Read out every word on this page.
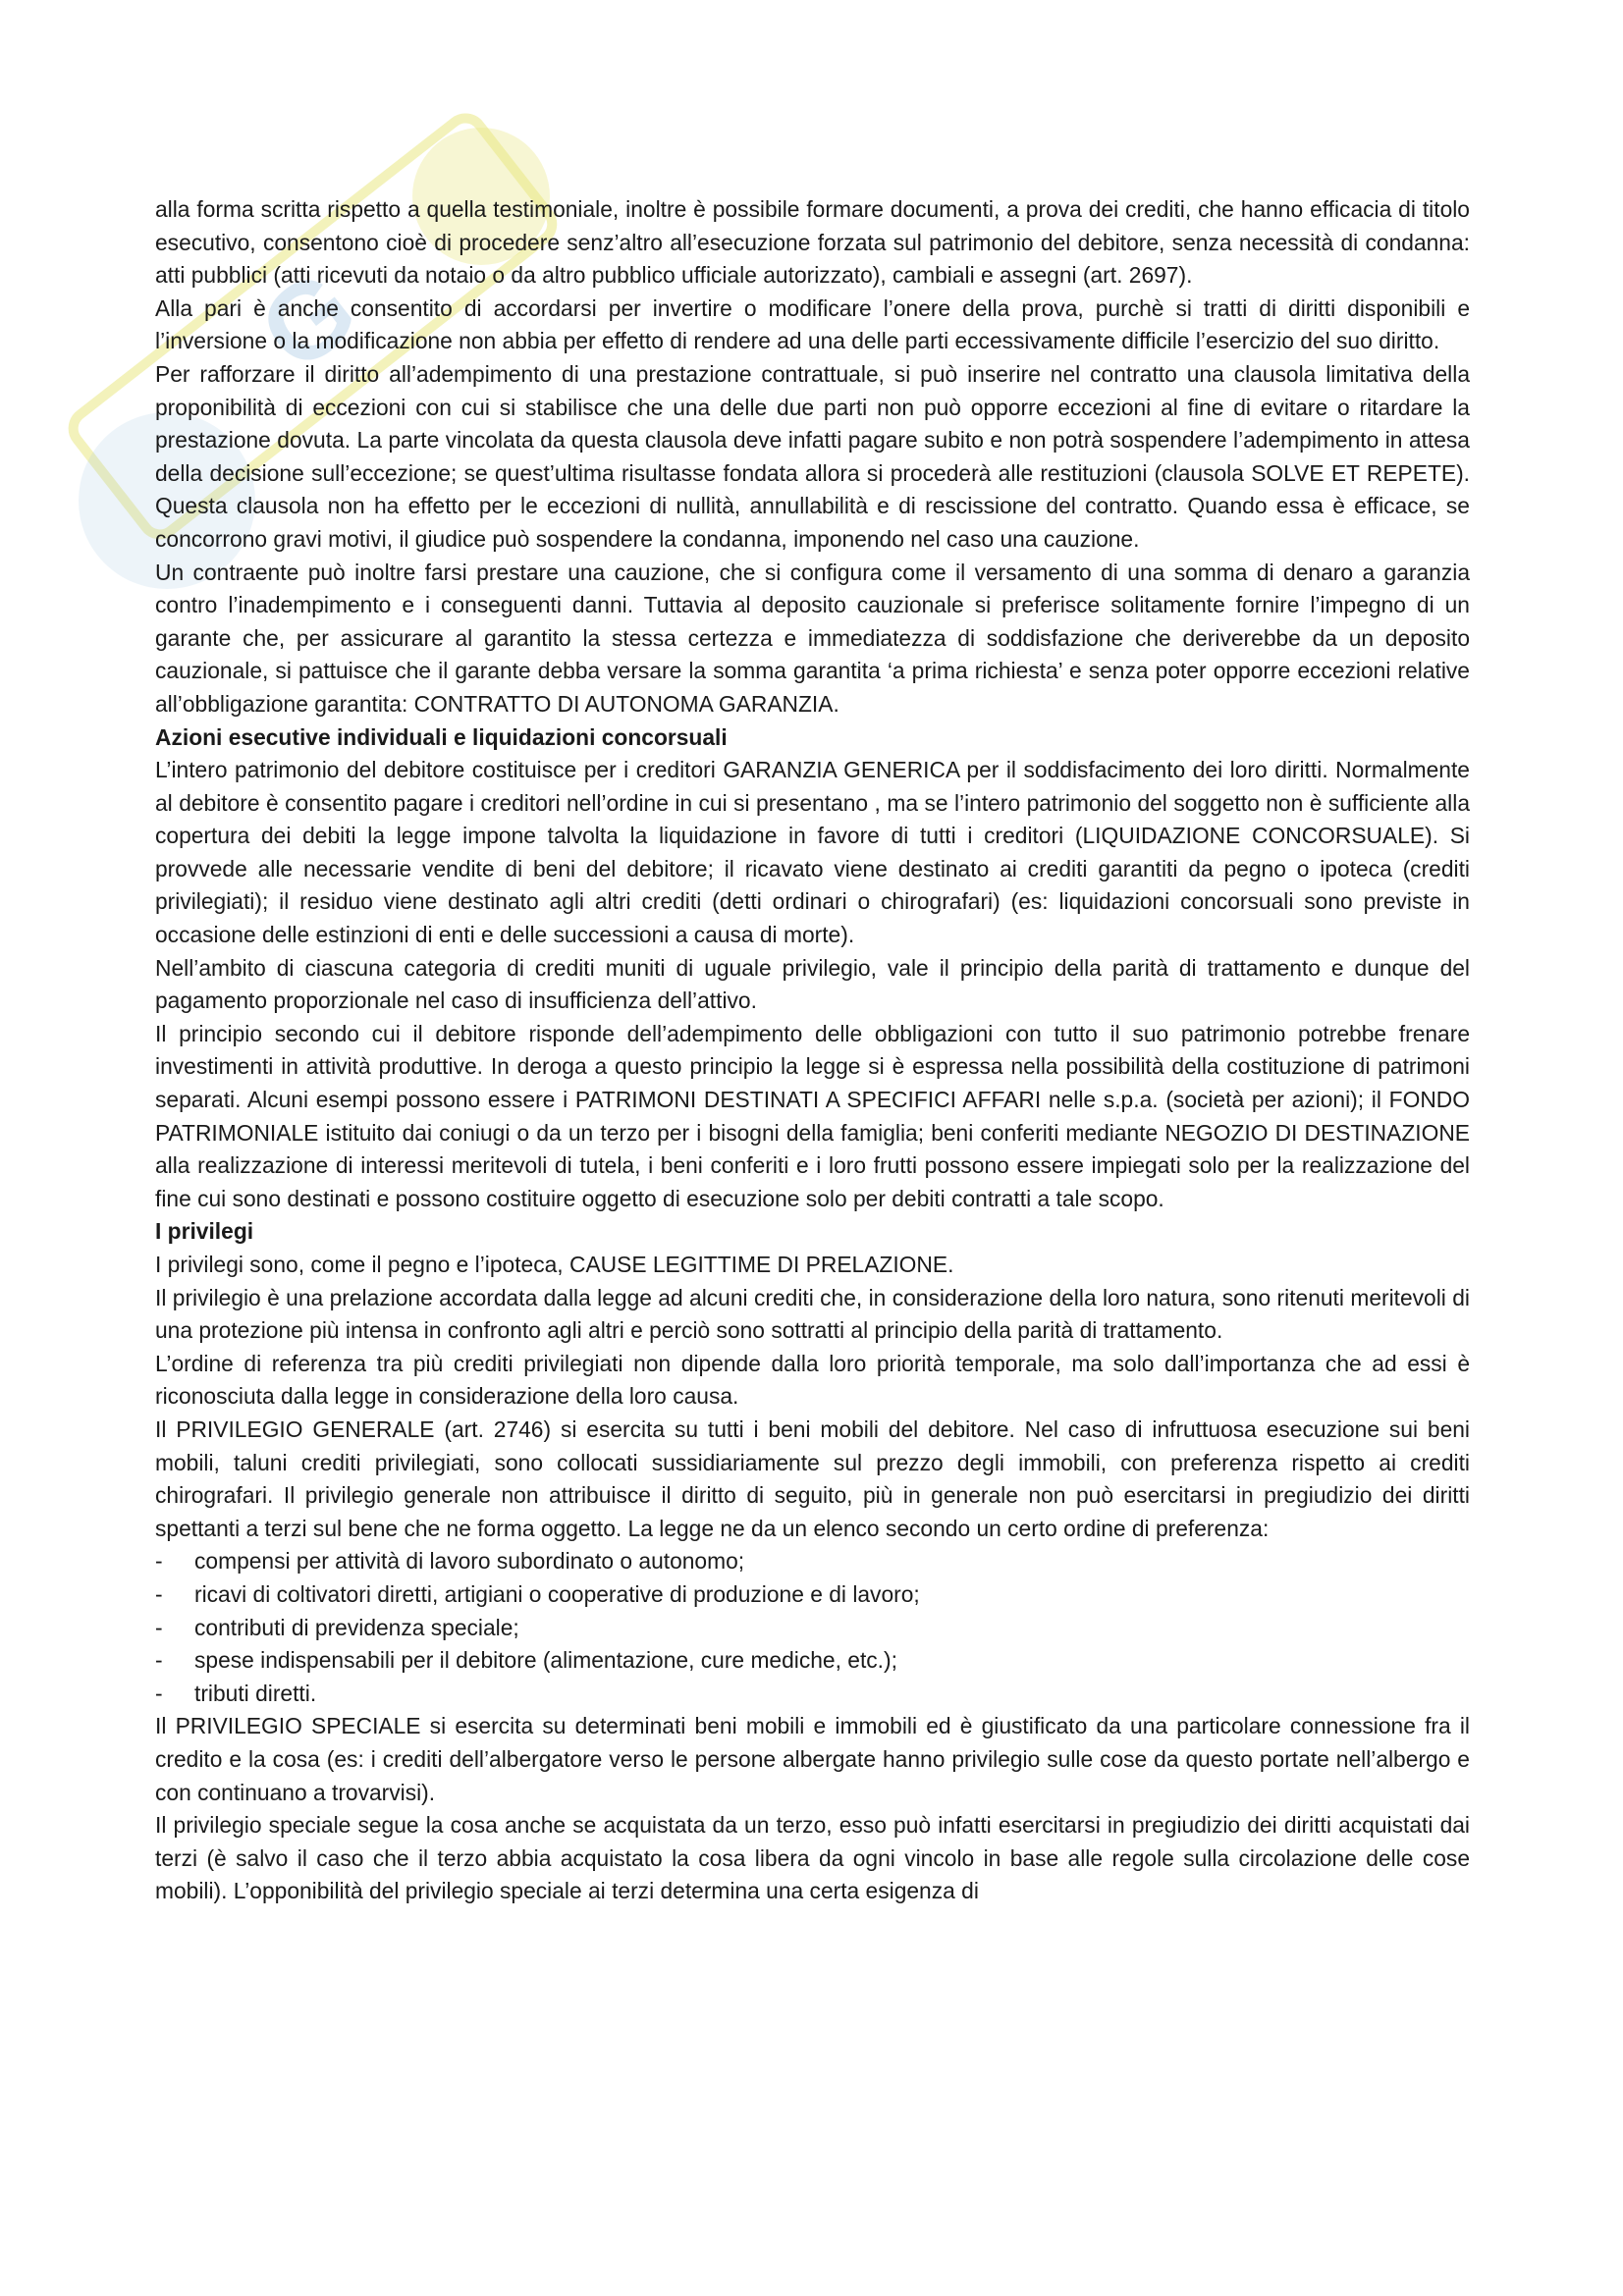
G

alla forma scritta rispetto a quella testimoniale, inoltre è possibile formare documenti, a prova dei crediti, che hanno efficacia di titolo esecutivo, consentono cioè di procedere senz’altro all’esecuzione forzata sul patrimonio del debitore, senza necessità di condanna: atti pubblici (atti ricevuti da notaio o da altro pubblico ufficiale autorizzato), cambiali e assegni (art. 2697).

Alla pari è anche consentito di accordarsi per invertire o modificare l’onere della prova, purchè si tratti di diritti disponibili e l’inversione o la modificazione non abbia per effetto di rendere ad una delle parti eccessivamente difficile l’esercizio del suo diritto.

Per rafforzare il diritto all’adempimento di una prestazione contrattuale, si può inserire nel contratto una clausola limitativa della proponibilità di eccezioni con cui si stabilisce che una delle due parti non può opporre eccezioni al fine di evitare o ritardare la prestazione dovuta. La parte vincolata da questa clausola deve infatti pagare subito e non potrà sospendere l’adempimento in attesa della decisione sull’eccezione; se quest’ultima risultasse fondata allora si procederà alle restituzioni (clausola SOLVE ET REPETE). Questa clausola non ha effetto per le eccezioni di nullità, annullabilità e di rescissione del contratto. Quando essa è efficace, se concorrono gravi motivi, il giudice può sospendere la condanna, imponendo nel caso una cauzione.

Un contraente può inoltre farsi prestare una cauzione, che si configura come il versamento di una somma di denaro a garanzia contro l’inadempimento e i conseguenti danni. Tuttavia al deposito cauzionale si preferisce solitamente fornire l’impegno di un garante che, per assicurare al garantito la stessa certezza e immediatezza di soddisfazione che deriverebbe da un deposito cauzionale, si pattuisce che il garante debba versare la somma garantita ‘a prima richiesta’ e senza poter opporre eccezioni relative all’obbligazione garantita: CONTRATTO DI AUTONOMA GARANZIA.

Azioni esecutive individuali e liquidazioni concorsuali

L’intero patrimonio del debitore costituisce per i creditori GARANZIA GENERICA per il soddisfacimento dei loro diritti. Normalmente al debitore è consentito pagare i creditori nell’ordine in cui si presentano , ma se l’intero patrimonio del soggetto non è sufficiente alla copertura dei debiti la legge impone talvolta la liquidazione in favore di tutti i creditori (LIQUIDAZIONE CONCORSUALE). Si provvede alle necessarie vendite di beni del debitore; il ricavato viene destinato ai crediti garantiti da pegno o ipoteca (crediti privilegiati); il residuo viene destinato agli altri crediti (detti ordinari o chirografari) (es: liquidazioni concorsuali sono previste in occasione delle estinzioni di enti e delle successioni a causa di morte).

Nell’ambito di ciascuna categoria di crediti muniti di uguale privilegio, vale il principio della parità di trattamento e dunque del pagamento proporzionale nel caso di insufficienza dell’attivo.

Il principio secondo cui il debitore risponde dell’adempimento delle obbligazioni con tutto il suo patrimonio potrebbe frenare investimenti in attività produttive. In deroga a questo principio la legge si è espressa nella possibilità della costituzione di patrimoni separati. Alcuni esempi possono essere i PATRIMONI DESTINATI A SPECIFICI AFFARI nelle s.p.a. (società per azioni); il FONDO PATRIMONIALE istituito dai coniugi o da un terzo per i bisogni della famiglia; beni conferiti mediante NEGOZIO DI DESTINAZIONE alla realizzazione di interessi meritevoli di tutela, i beni conferiti e i loro frutti possono essere impiegati solo per la realizzazione del fine cui sono destinati e possono costituire oggetto di esecuzione solo per debiti contratti a tale scopo.

I privilegi

I privilegi sono, come il pegno e l’ipoteca, CAUSE LEGITTIME DI PRELAZIONE.

Il privilegio è una prelazione accordata dalla legge ad alcuni crediti che, in considerazione della loro natura, sono ritenuti meritevoli di una protezione più intensa in confronto agli altri e perciò sono sottratti al principio della parità di trattamento.

L’ordine di referenza tra più crediti privilegiati non dipende dalla loro priorità temporale, ma solo dall’importanza che ad essi è riconosciuta dalla legge in considerazione della loro causa.

Il PRIVILEGIO GENERALE (art. 2746) si esercita su tutti i beni mobili del debitore. Nel caso di infruttuosa esecuzione sui beni mobili, taluni crediti privilegiati, sono collocati sussidiariamente sul prezzo degli immobili, con preferenza rispetto ai crediti chirografari. Il privilegio generale non attribuisce il diritto di seguito, più in generale non può esercitarsi in pregiudizio dei diritti spettanti a terzi sul bene che ne forma oggetto. La legge ne da un elenco secondo un certo ordine di preferenza:

- compensi per attività di lavoro subordinato o autonomo;
- ricavi di coltivatori diretti, artigiani o cooperative di produzione e di lavoro;
- contributi di previdenza speciale;
- spese indispensabili per il debitore (alimentazione, cure mediche, etc.);
- tributi diretti.

Il PRIVILEGIO SPECIALE si esercita su determinati beni mobili e immobili ed è giustificato da una particolare connessione fra il credito e la cosa (es: i crediti dell’albergatore verso le persone albergate hanno privilegio sulle cose da questo portate nell’albergo e con continuano a trovarvisi).

Il privilegio speciale segue la cosa anche se acquistata da un terzo, esso può infatti esercitarsi in pregiudizio dei diritti acquistati dai terzi (è salvo il caso che il terzo abbia acquistato la cosa libera da ogni vincolo in base alle regole sulla circolazione delle cose mobili). L’opponibilità del privilegio speciale ai terzi determina una certa esigenza di
